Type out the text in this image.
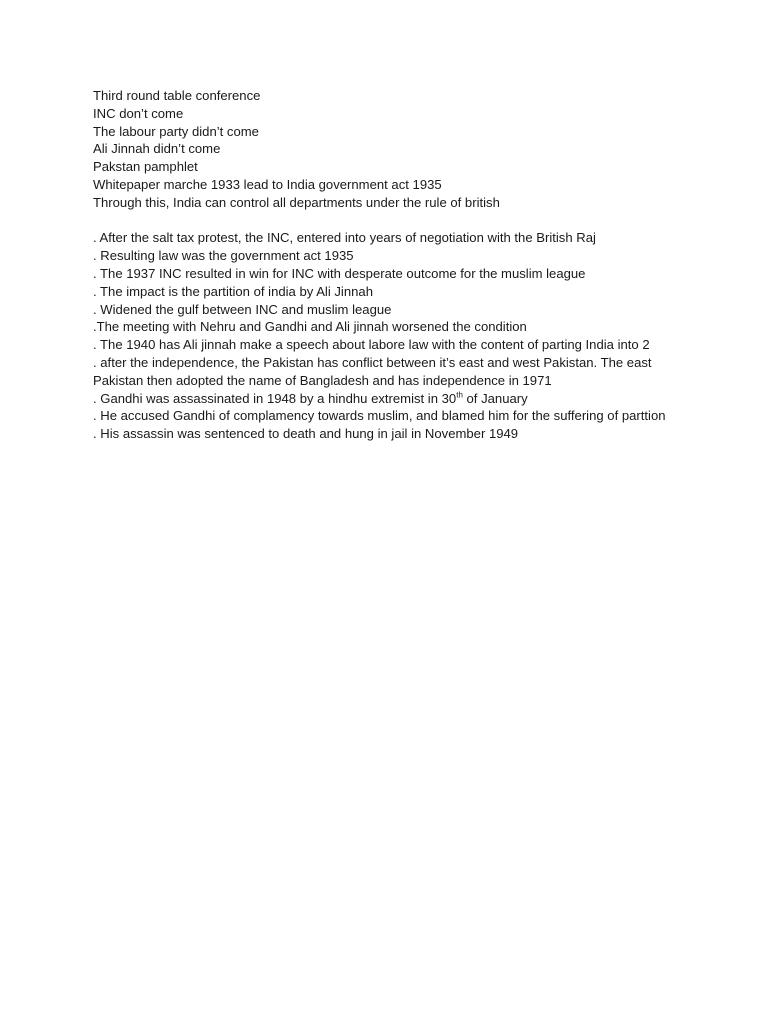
Third round table conference

INC don’t come

The labour party didn’t come

Ali Jinnah didn’t come

Pakstan pamphlet

Whitepaper marche 1933 lead to India government act 1935

Through this, India can control all departments under the rule of british

. After the salt tax protest, the INC, entered into years of negotiation with the British Raj

. Resulting law was the government act 1935

. The 1937 INC resulted in win for INC with desperate outcome for the muslim league

. The impact is the partition of india by Ali Jinnah

. Widened the gulf between INC and muslim league

.The meeting with Nehru and Gandhi and Ali jinnah worsened the condition

. The 1940 has Ali jinnah make a speech about labore law with the content of parting India into 2

. after the independence, the Pakistan has conflict between it’s east and west Pakistan. The east Pakistan then adopted the name of Bangladesh and has independence in 1971

. Gandhi was assassinated in 1948 by a hindhu extremist in 30th of January

. He accused Gandhi of complamency towards muslim, and blamed him for the suffering of parttion

. His assassin was sentenced to death and hung in jail in November 1949
